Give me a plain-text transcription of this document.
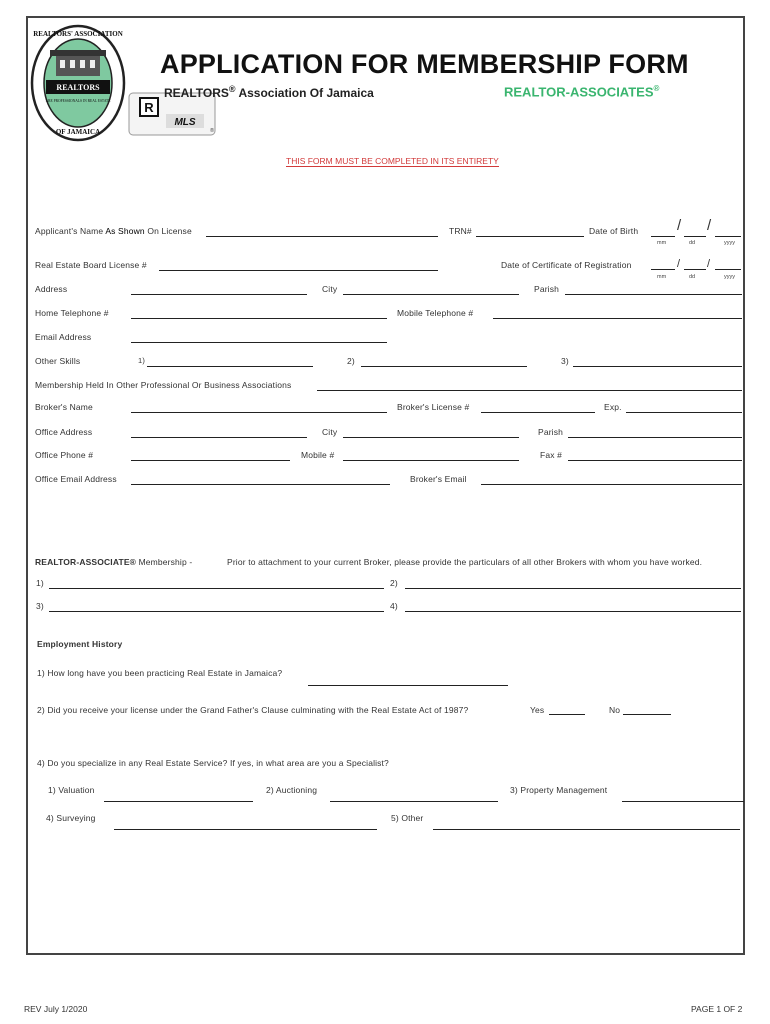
REALTORS
ARE PROFESSIONALS IN REAL ESTATE
REALTORS' ASSOCIATION
OF JAMAICA
R
MLS
®
APPLICATION FOR MEMBERSHIP FORM
REALTORS® Association Of Jamaica	REALTOR-ASSOCIATES®
THIS FORM MUST BE COMPLETED IN ITS ENTIRETY
Applicant's Name As Shown On License	TRN#	Date of Birth	/ /
mm	dd	yyyy
Real Estate Board License #	Date of Certificate of Registration	/ /
mm	dd	yyyy
Address	City	Parish
Home Telephone #	Mobile Telephone #
Email Address
Other Skills	1)	2)	3)
Membership Held In Other Professional Or Business Associations
Broker's Name	Broker's License #	Exp.
Office Address	City	Parish
Office Phone #	Mobile #	Fax #
Office Email Address	Broker's Email
REALTOR-ASSOCIATE® Membership -	Prior to attachment to your current Broker, please provide the particulars of all other Brokers with whom you have worked.
1)	2)
3)	4)
Employment History
1) How long have you been practicing Real Estate in Jamaica?
2) Did you receive your license under the Grand Father's Clause culminating with the Real Estate Act of 1987?	Yes	No
4) Do you specialize in any Real Estate Service? If yes, in what area are you a Specialist?
1) Valuation	2) Auctioning	3) Property Management
4) Surveying	5) Other
REV July 1/2020	PAGE 1 OF 2
